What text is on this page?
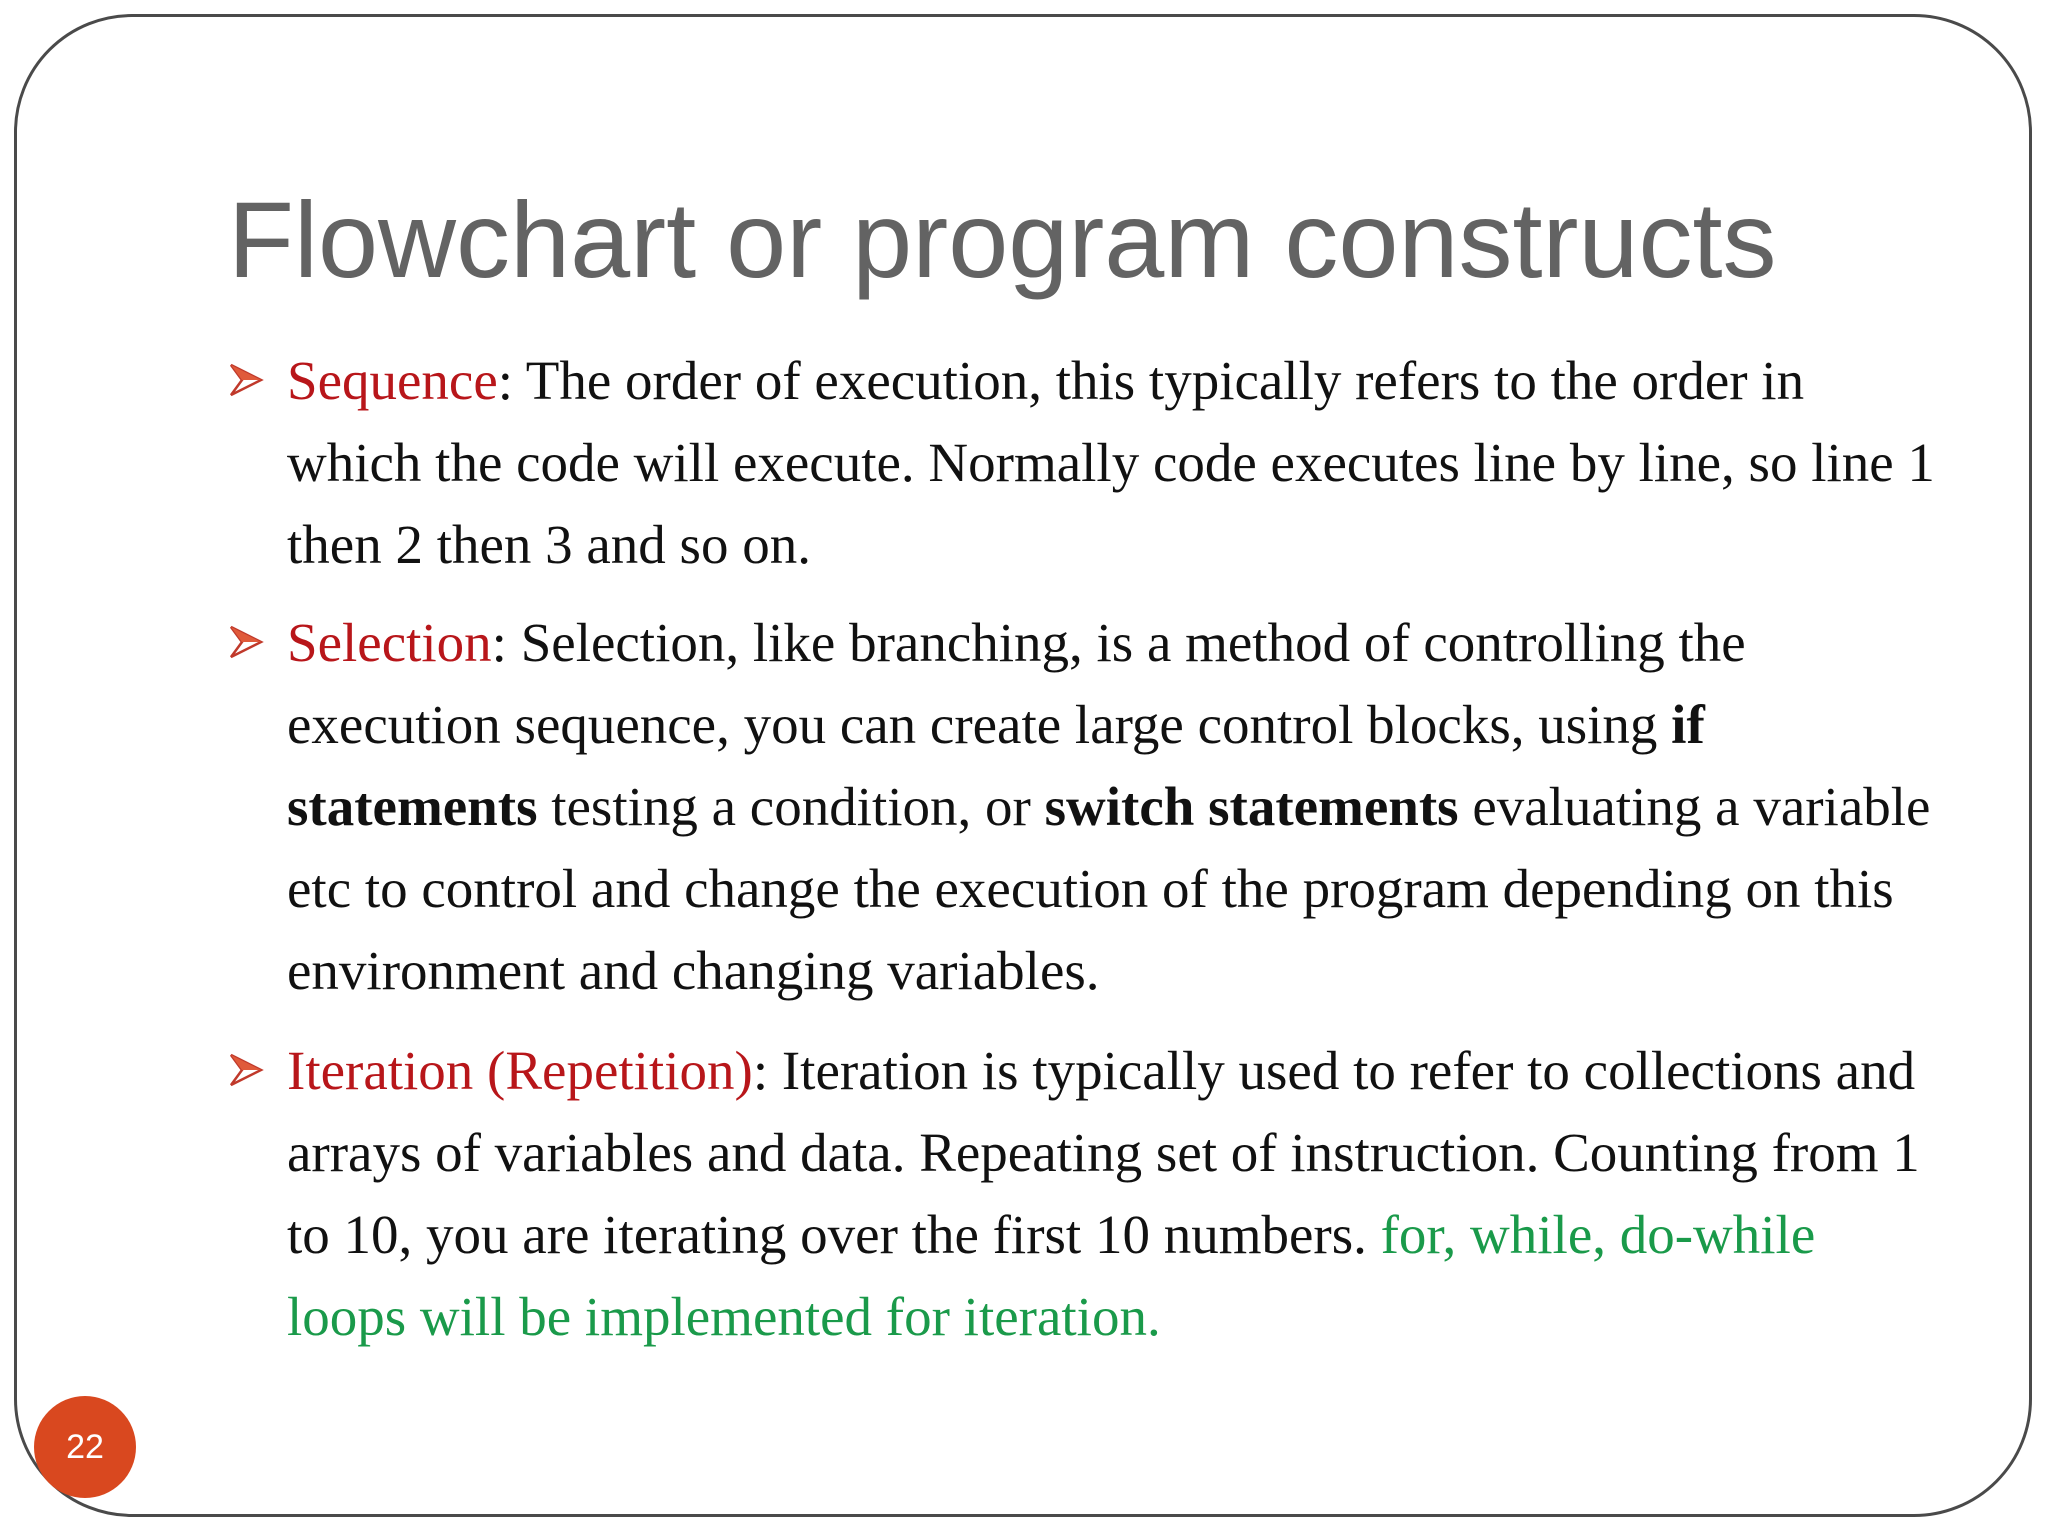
Flowchart or program constructs
Sequence: The order of execution, this typically refers to the order in which the code will execute. Normally code executes line by line, so line 1 then 2 then 3 and so on.
Selection: Selection, like branching, is a method of controlling the execution sequence, you can create large control blocks, using if statements testing a condition, or switch statements evaluating a variable etc to control and change the execution of the program depending on this environment and changing variables.
Iteration (Repetition): Iteration is typically used to refer to collections and arrays of variables and data. Repeating set of instruction. Counting from 1 to 10, you are iterating over the first 10 numbers. for, while, do-while loops will be implemented for iteration.
22
